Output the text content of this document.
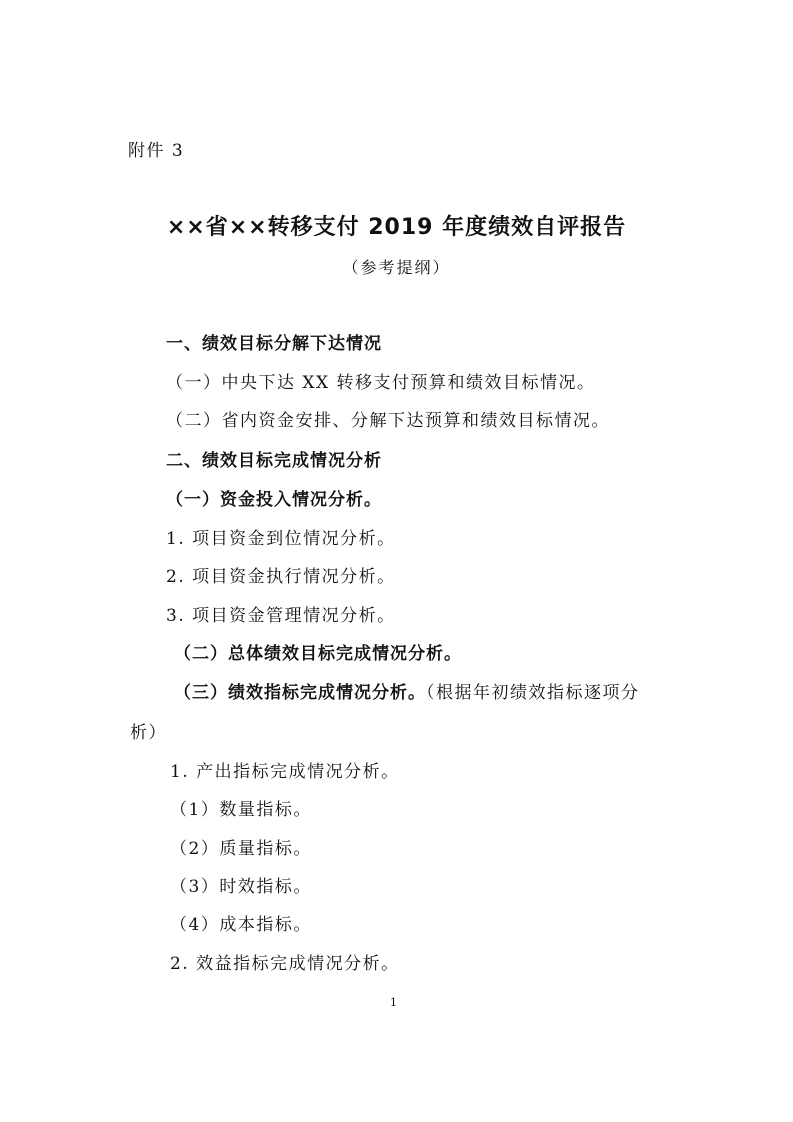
附件 3
××省××转移支付 2019 年度绩效自评报告
（参考提纲）
一、绩效目标分解下达情况
（一）中央下达 XX 转移支付预算和绩效目标情况。
（二）省内资金安排、分解下达预算和绩效目标情况。
二、绩效目标完成情况分析
（一）资金投入情况分析。
1. 项目资金到位情况分析。
2. 项目资金执行情况分析。
3. 项目资金管理情况分析。
（二）总体绩效目标完成情况分析。
（三）绩效指标完成情况分析。（根据年初绩效指标逐项分
析）
1. 产出指标完成情况分析。
（1）数量指标。
（2）质量指标。
（3）时效指标。
（4）成本指标。
2. 效益指标完成情况分析。
1
